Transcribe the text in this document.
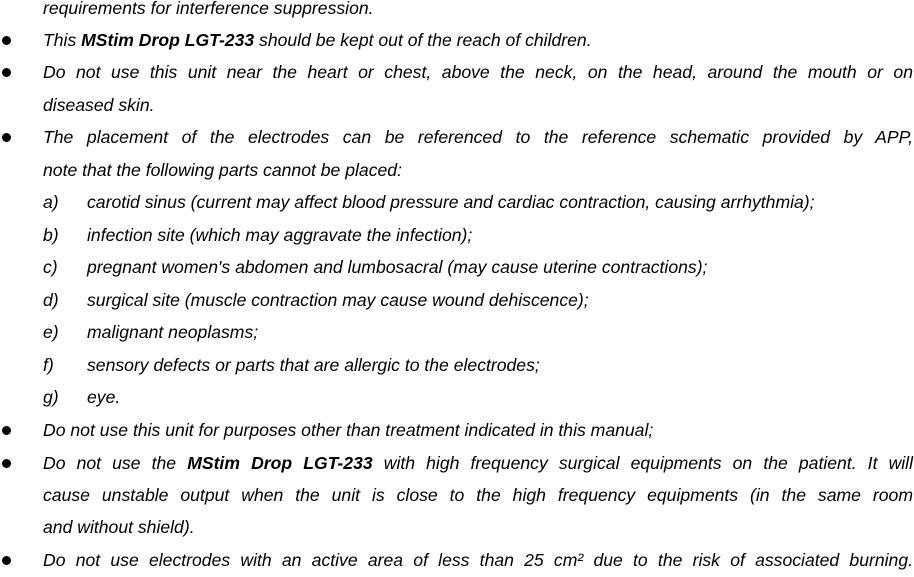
requirements for interference suppression.
This MStim Drop LGT-233 should be kept out of the reach of children.
Do not use this unit near the heart or chest, above the neck, on the head, around the mouth or on
diseased skin.
The placement of the electrodes can be referenced to the reference schematic provided by APP,
note that the following parts cannot be placed:
a) carotid sinus (current may affect blood pressure and cardiac contraction, causing arrhythmia);
b) infection site (which may aggravate the infection);
c) pregnant women's abdomen and lumbosacral (may cause uterine contractions);
d) surgical site (muscle contraction may cause wound dehiscence);
e) malignant neoplasms;
f) sensory defects or parts that are allergic to the electrodes;
g) eye.
Do not use this unit for purposes other than treatment indicated in this manual;
Do not use the MStim Drop LGT-233 with high frequency surgical equipments on the patient. It will
cause unstable output when the unit is close to the high frequency equipments (in the same room
and without shield).
Do not use electrodes with an active area of less than 25 cm² due to the risk of associated burning.
